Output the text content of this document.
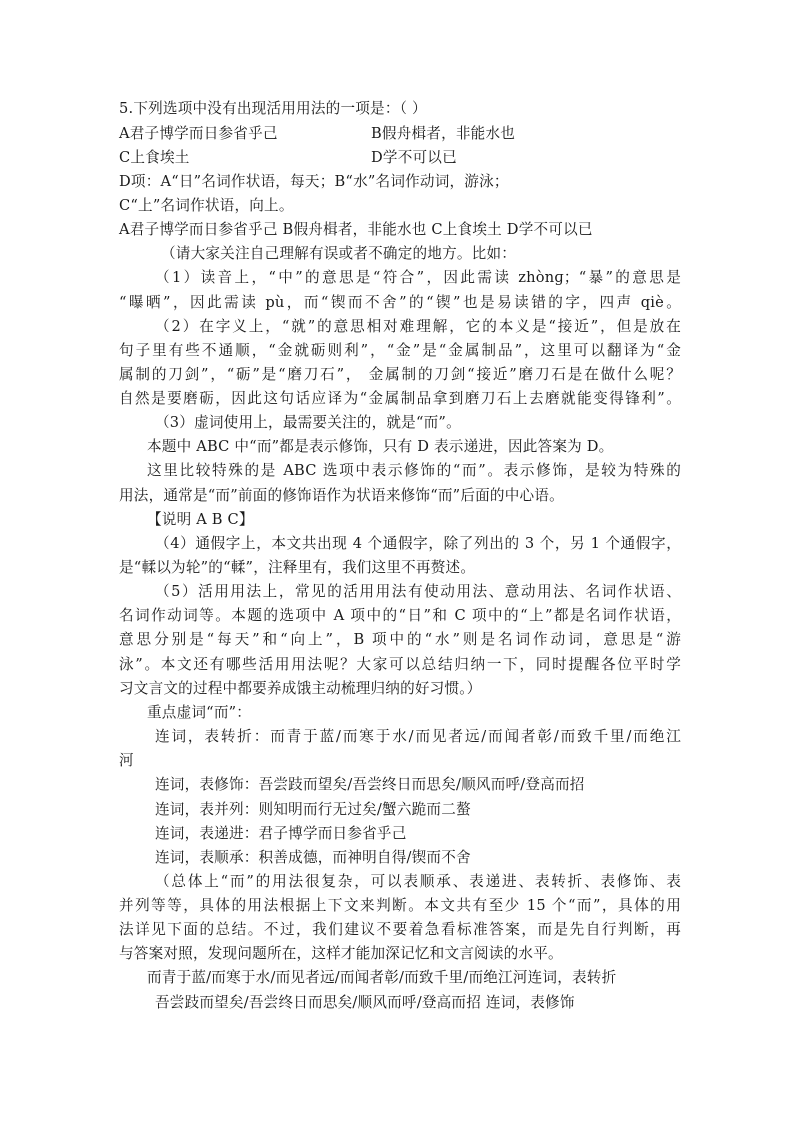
5.下列选项中没有出现活用用法的一项是：（ ）
A君子博学而日参省乎己	B假舟楫者，非能水也
C上食埃土	D学不可以已
D项：A“日”名词作状语，每天；B“水”名词作动词，游泳；
C“上”名词作状语，向上。
A君子博学而日参省乎己 B假舟楫者，非能水也 C上食埃土 D学不可以已
（请大家关注自己理解有误或者不确定的地方。比如：
（1）读音上，“中”的意思是“符合”，因此需读 zhònɡ；“暴”的意思是
“曝晒”，因此需读 pù，而“锲而不舍”的“锲”也是易读错的字，四声 qiè。
（2）在字义上，“就”的意思相对难理解，它的本义是“接近”，但是放在
句子里有些不通顺，“金就砺则利”，“金”是“金属制品”，这里可以翻译为“金
属制的刀剑”，“砺”是“磨刀石”， 金属制的刀剑“接近”磨刀石是在做什么呢？
自然是要磨砺，因此这句话应译为“金属制品拿到磨刀石上去磨就能变得锋利”。
（3）虚词使用上，最需要关注的，就是“而”。
本题中 ABC 中“而”都是表示修饰，只有 D 表示递进，因此答案为 D。
这里比较特殊的是 ABC 选项中表示修饰的“而”。表示修饰，是较为特殊的
用法，通常是“而”前面的修饰语作为状语来修饰“而”后面的中心语。
【说明 A B C】
（4）通假字上，本文共出现 4 个通假字，除了列出的 3 个，另 1 个通假字，
是“輮以为轮”的“輮”，注释里有，我们这里不再赘述。
（5）活用用法上，常见的活用用法有使动用法、意动用法、名词作状语、
名词作动词等。本题的选项中 A 项中的“日”和 C 项中的“上”都是名词作状语，
意思分别是“每天”和“向上”，B 项中的“水”则是名词作动词，意思是“游
泳”。本文还有哪些活用用法呢？大家可以总结归纳一下，同时提醒各位平时学
习文言文的过程中都要养成饿主动梳理归纳的好习惯。）
重点虚词“而”：
连词，表转折：而青于蓝/而寒于水/而见者远/而闻者彰/而致千里/而绝江
河
连词，表修饰：吾尝跂而望矣/吾尝终日而思矣/顺风而呼/登高而招
连词，表并列：则知明而行无过矣/蟹六跪而二螯
连词，表递进：君子博学而日参省乎己
连词，表顺承：积善成德，而神明自得/锲而不舍
（总体上“而”的用法很复杂，可以表顺承、表递进、表转折、表修饰、表
并列等等，具体的用法根据上下文来判断。本文共有至少 15 个“而”，具体的用
法详见下面的总结。不过，我们建议不要着急看标准答案，而是先自行判断，再
与答案对照，发现问题所在，这样才能加深记忆和文言阅读的水平。
而青于蓝/而寒于水/而见者远/而闻者彰/而致千里/而绝江河连词，表转折
吾尝跂而望矣/吾尝终日而思矣/顺风而呼/登高而招 连词，表修饰
